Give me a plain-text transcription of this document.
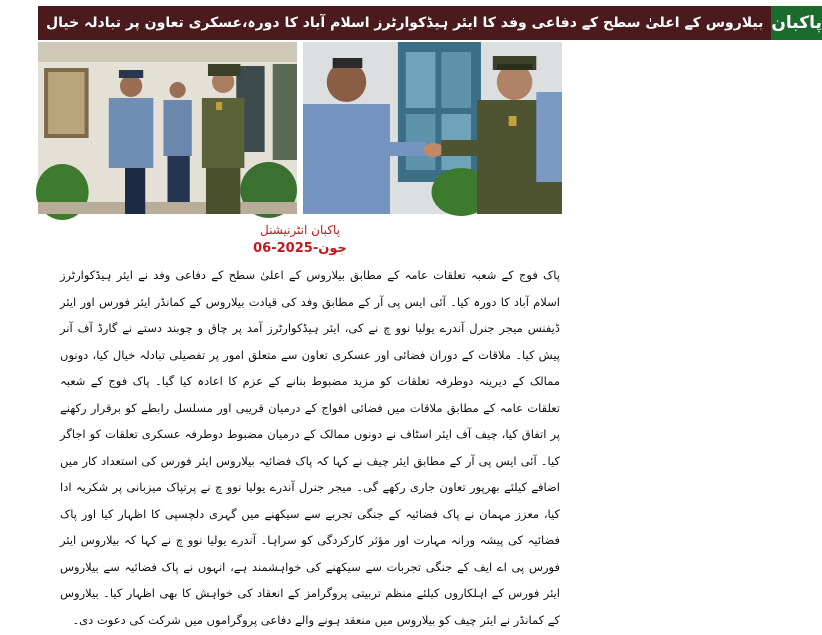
بیلاروس کے اعلیٰ سطح کے دفاعی وفد کا ایئر ہیڈکوارٹرز اسلام آباد کا دورہ،عسکری تعاون پر تبادلہ خیال پاکبان
پاکبان انٹرنیشنل
06-جون-2025
پاک فوج کے شعبہ تعلقات عامہ کے مطابق بیلاروس کے اعلیٰ سطح کے دفاعی وفد نے ایئر ہیڈکوارٹرز اسلام آباد کا دورہ کیا۔ آئی ایس پی آر کے مطابق وفد کی قیادت بیلاروس کے کمانڈر ایئر فورس اور ایئر ڈیفنس میجر جنرل آندرے یولیا نوو چ نے کی، ایئر ہیڈکوارٹرز آمد پر چاق و چوبند دستے نے گارڈ آف آنر پیش کیا۔ ملاقات کے دوران فضائی اور عسکری تعاون سے متعلق امور پر تفصیلی تبادلہ خیال کیا، دونوں ممالک کے دیرینہ دوطرفہ تعلقات کو مزید مضبوط بنانے کے عزم کا اعادہ کیا گیا۔ پاک فوج کے شعبہ تعلقات عامہ کے مطابق ملاقات میں فضائی افواج کے درمیان قریبی اور مسلسل رابطے کو برقرار رکھنے پر اتفاق کیا، چیف آف ایئر اسٹاف نے دونوں ممالک کے درمیان مضبوط دوطرفہ عسکری تعلقات کو اجاگر کیا۔ آئی ایس پی آر کے مطابق ایئر چیف نے کہا کہ پاک فضائیہ بیلاروس ایئر فورس کی استعداد کار میں اضافے کیلئے بھرپور تعاون جاری رکھے گی۔ میجر جنرل آندرے یولیا نوو چ نے پرتپاک میزبانی پر شکریہ ادا کیا، معزز مہمان نے پاک فضائیہ کے جنگی تجربے سے سیکھنے میں گہری دلچسپی کا اظہار کیا اور پاک فضائیہ کی پیشہ ورانہ مہارت اور مؤثر کارکردگی کو سراہا۔ آندرے یولیا نوو چ نے کہا کہ بیلاروس ایئر فورس پی اے ایف کے جنگی تجربات سے سیکھنے کی خواہشمند ہے، انہوں نے پاک فضائیہ سے بیلاروس ایئر فورس کے اہلکاروں کیلئے منظم تربیتی پروگرامز کے انعقاد کی خواہش کا بھی اظہار کیا۔ بیلاروس کے کمانڈر نے ایئر چیف کو بیلاروس میں منعقد ہونے والے دفاعی پروگراموں میں شرکت کی دعوت دی۔
